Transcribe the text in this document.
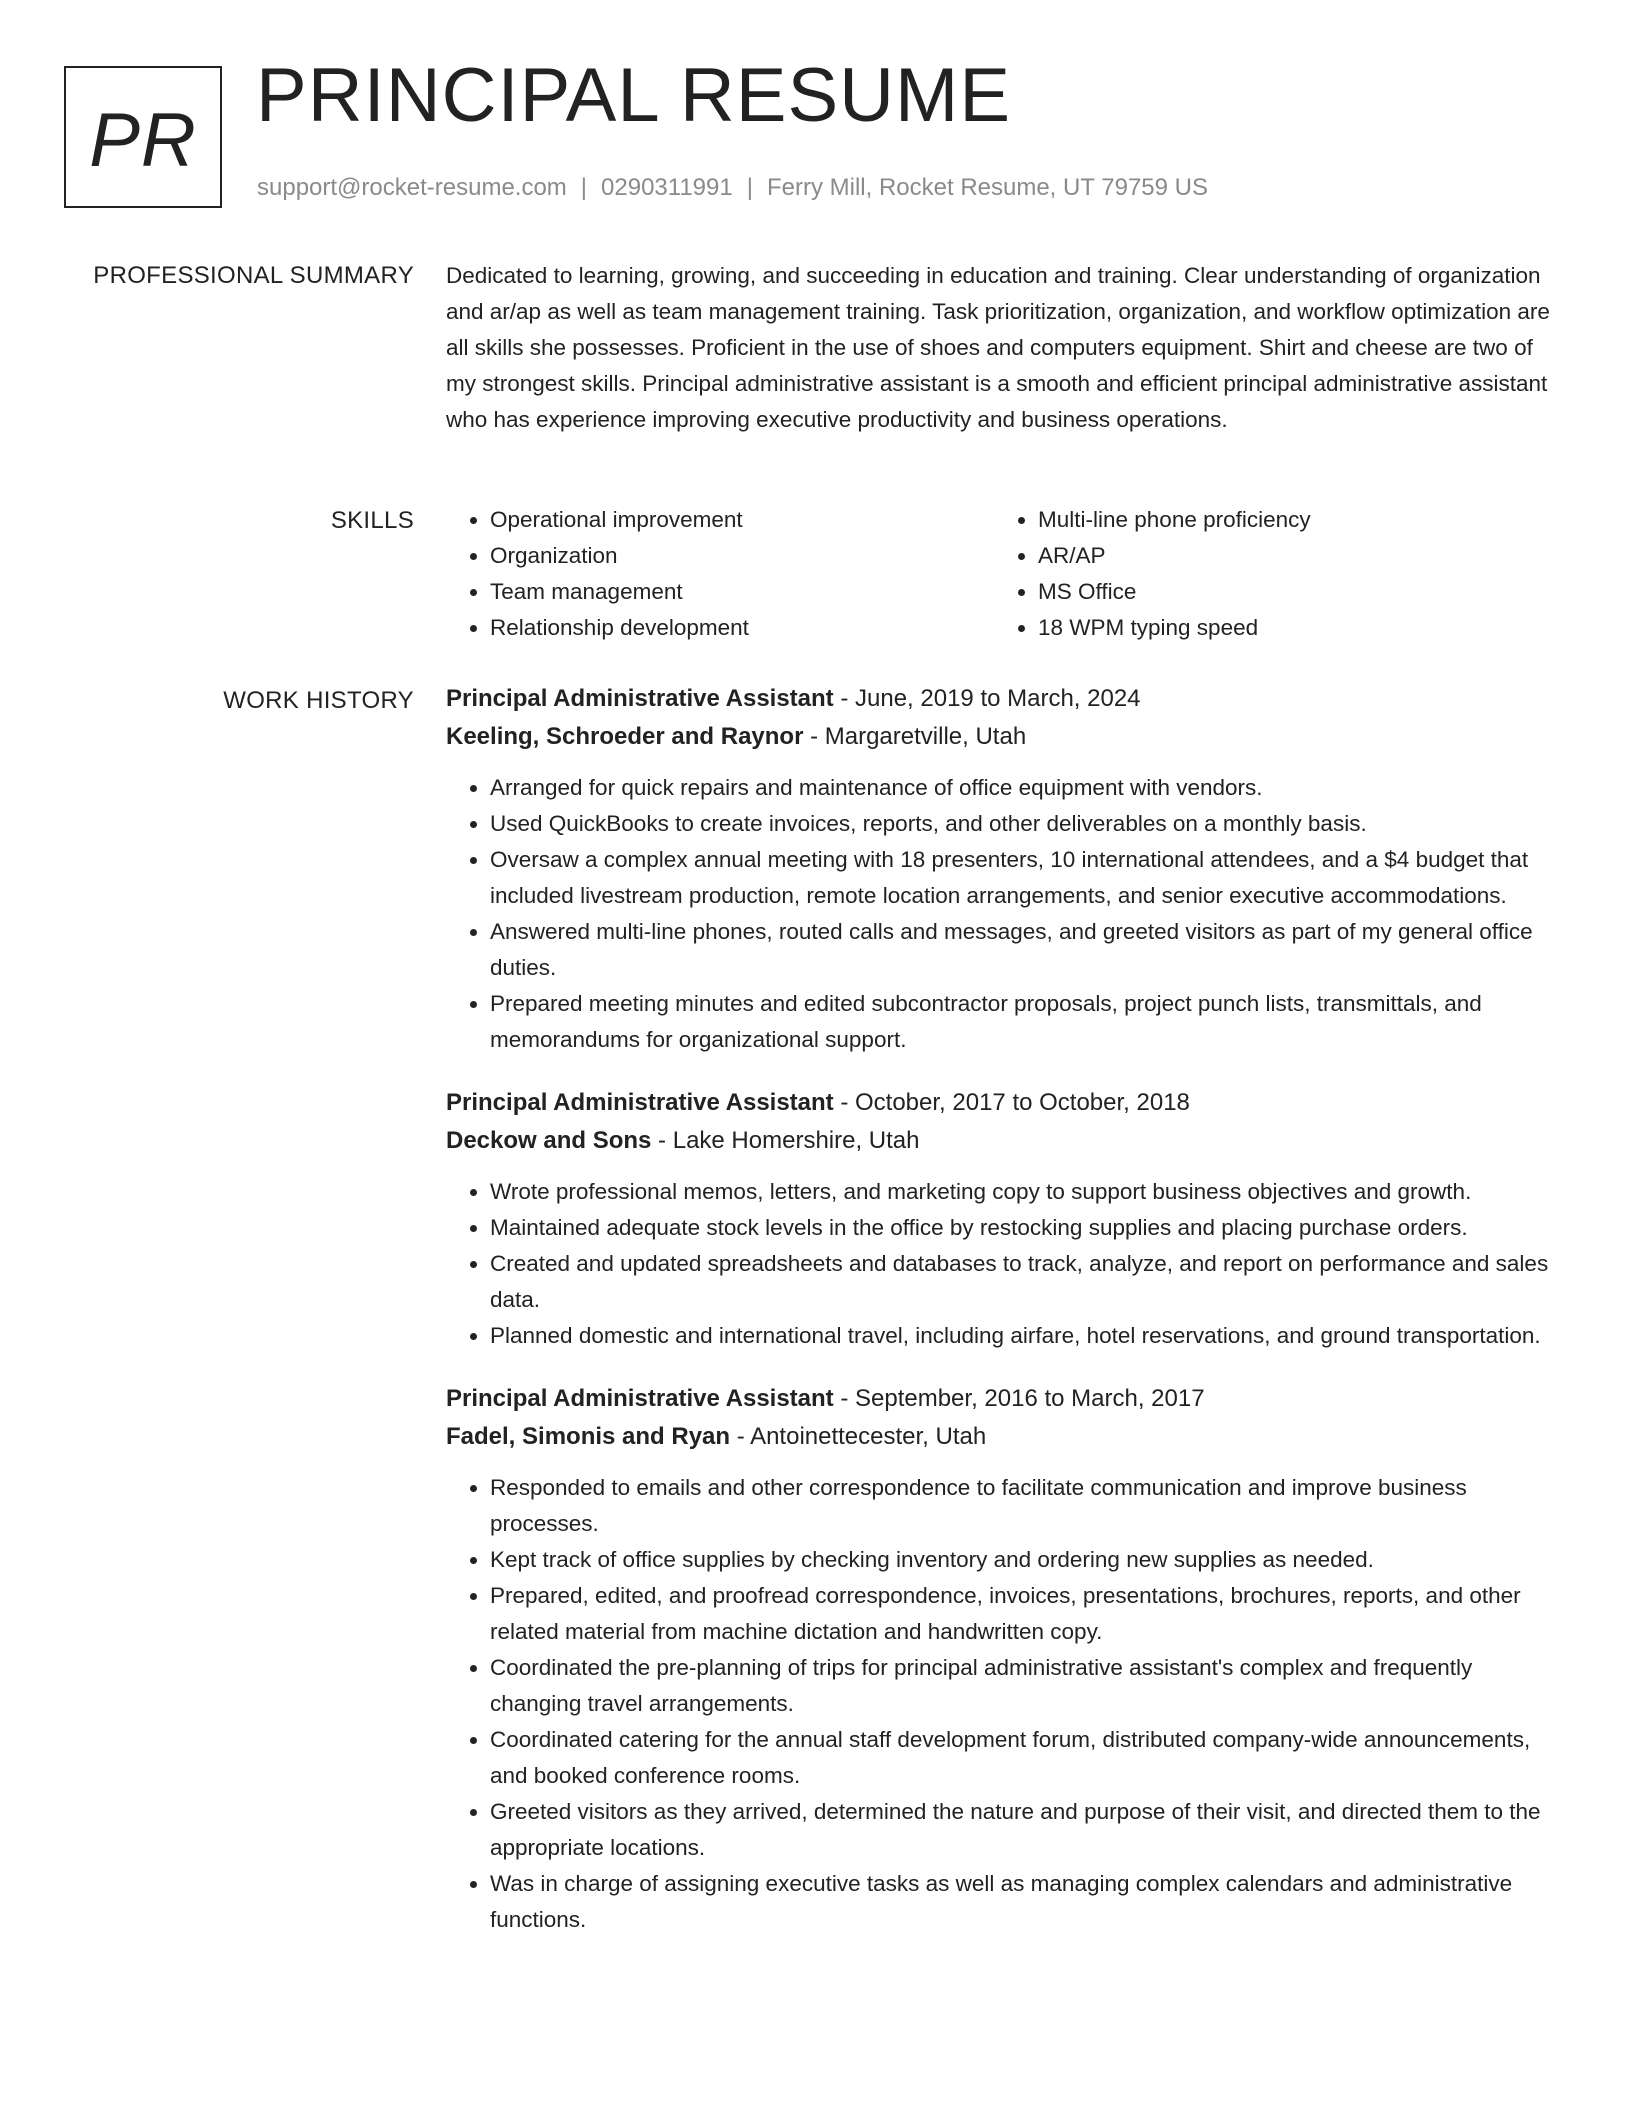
PR
PRINCIPAL RESUME
support@rocket-resume.com | 0290311991 | Ferry Mill, Rocket Resume, UT 79759 US
PROFESSIONAL SUMMARY Dedicated to learning, growing, and succeeding in education and training. Clear understanding of organization and ar/ap as well as team management training. Task prioritization, organization, and workflow optimization are all skills she possesses. Proficient in the use of shoes and computers equipment. Shirt and cheese are two of my strongest skills. Principal administrative assistant is a smooth and efficient principal administrative assistant who has experience improving executive productivity and business operations.

SKILLS
•	Operational improvement
• Organization
• Team management
• Relationship development
• Multi-line phone proficiency
• AR/AP
• MS Office
• 18 WPM typing speed
WORK HISTORY Principal Administrative Assistant - June, 2019 to March, 2024
Keeling, Schroeder and Raynor - Margaretville, Utah
• Arranged for quick repairs and maintenance of office equipment with vendors.
• Used QuickBooks to create invoices, reports, and other deliverables on a monthly basis.
• Oversaw a complex annual meeting with 18 presenters, 10 international attendees, and a $4 budget that included livestream production, remote location arrangements, and senior executive accommodations.
• Answered multi-line phones, routed calls and messages, and greeted visitors as part of my general office duties.
• Prepared meeting minutes and edited subcontractor proposals, project punch lists, transmittals, and memorandums for organizational support.
Principal Administrative Assistant - October, 2017 to October, 2018
Deckow and Sons - Lake Homershire, Utah
• Wrote professional memos, letters, and marketing copy to support business objectives and growth.
• Maintained adequate stock levels in the office by restocking supplies and placing purchase orders.
• Created and updated spreadsheets and databases to track, analyze, and report on performance and sales data.
• Planned domestic and international travel, including airfare, hotel reservations, and ground transportation.
Principal Administrative Assistant - September, 2016 to March, 2017
Fadel, Simonis and Ryan - Antoinettecester, Utah
• Responded to emails and other correspondence to facilitate communication and improve business processes.
• Kept track of office supplies by checking inventory and ordering new supplies as needed.
• Prepared, edited, and proofread correspondence, invoices, presentations, brochures, reports, and other related material from machine dictation and handwritten copy.
• Coordinated the pre-planning of trips for principal administrative assistant's complex and frequently changing travel arrangements.
• Coordinated catering for the annual staff development forum, distributed company-wide announcements, and booked conference rooms.
• Greeted visitors as they arrived, determined the nature and purpose of their visit, and directed them to the appropriate locations.
• Was in charge of assigning executive tasks as well as managing complex calendars and administrative functions.
